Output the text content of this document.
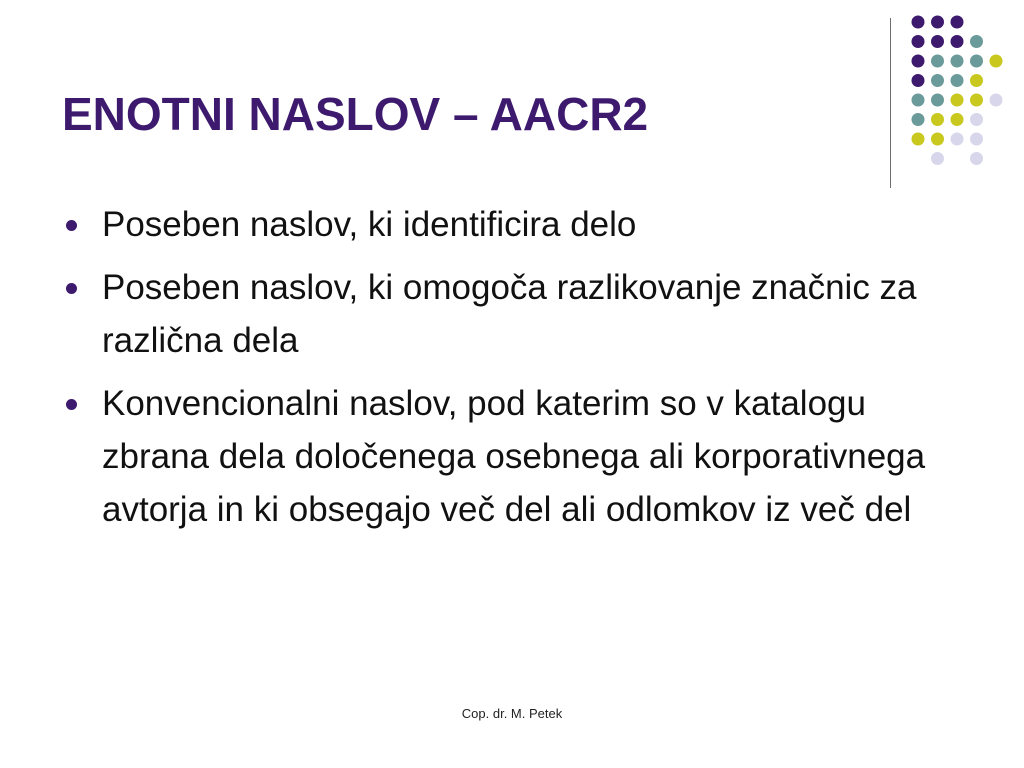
ENOTNI NASLOV – AACR2
Poseben naslov, ki identificira delo
Poseben naslov, ki omogoča razlikovanje značnic za različna dela
Konvencionalni naslov, pod katerim so v katalogu zbrana dela določenega osebnega ali korporativnega avtorja in ki obsegajo več del ali odlomkov iz več del
Cop. dr. M. Petek
